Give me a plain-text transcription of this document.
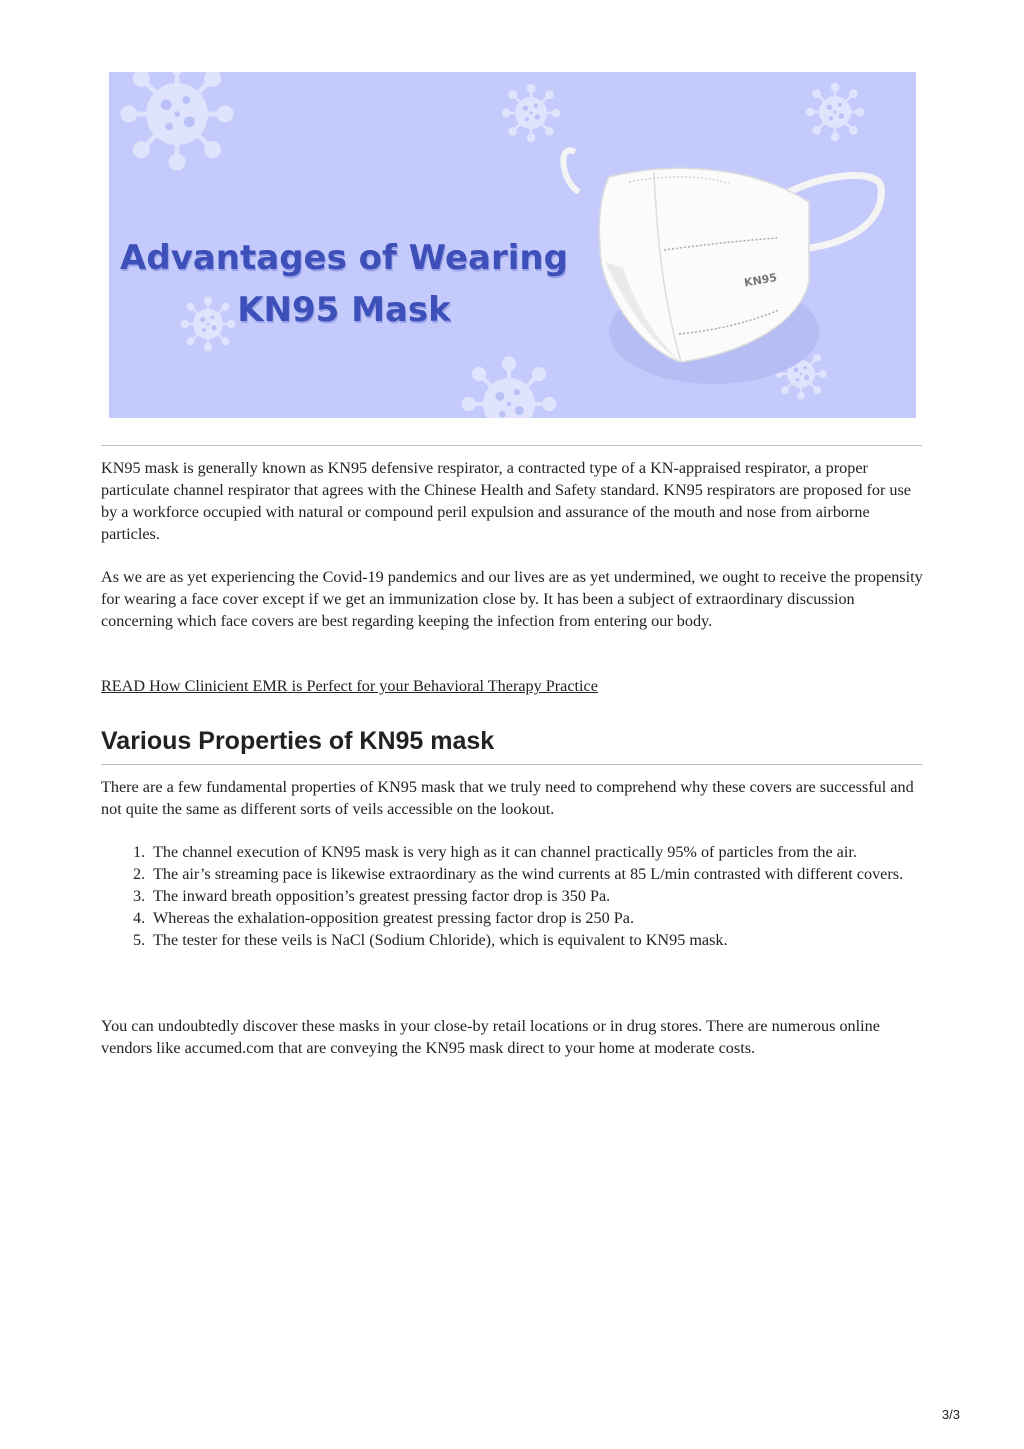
KN95
Advantages of Wearing
KN95 Mask

KN95 mask is generally known as KN95 defensive respirator, a contracted type of a KN-appraised respirator, a proper particulate channel respirator that agrees with the Chinese Health and Safety standard. KN95 respirators are proposed for use by a workforce occupied with natural or compound peril expulsion and assurance of the mouth and nose from airborne particles.

As we are as yet experiencing the Covid-19 pandemics and our lives are as yet undermined, we ought to receive the propensity for wearing a face cover except if we get an immunization close by. It has been a subject of extraordinary discussion concerning which face covers are best regarding keeping the infection from entering our body.

READ How Clinicient EMR is Perfect for your Behavioral Therapy Practice

Various Properties of KN95 mask

There are a few fundamental properties of KN95 mask that we truly need to comprehend why these covers are successful and not quite the same as different sorts of veils accessible on the lookout.

1. The channel execution of KN95 mask is very high as it can channel practically 95% of particles from the air.
2. The air’s streaming pace is likewise extraordinary as the wind currents at 85 L/min contrasted with different covers.
3. The inward breath opposition’s greatest pressing factor drop is 350 Pa.
4. Whereas the exhalation-opposition greatest pressing factor drop is 250 Pa.
5. The tester for these veils is NaCl (Sodium Chloride), which is equivalent to KN95 mask.

You can undoubtedly discover these masks in your close-by retail locations or in drug stores. There are numerous online vendors like accumed.com that are conveying the KN95 mask direct to your home at moderate costs.

3/3
